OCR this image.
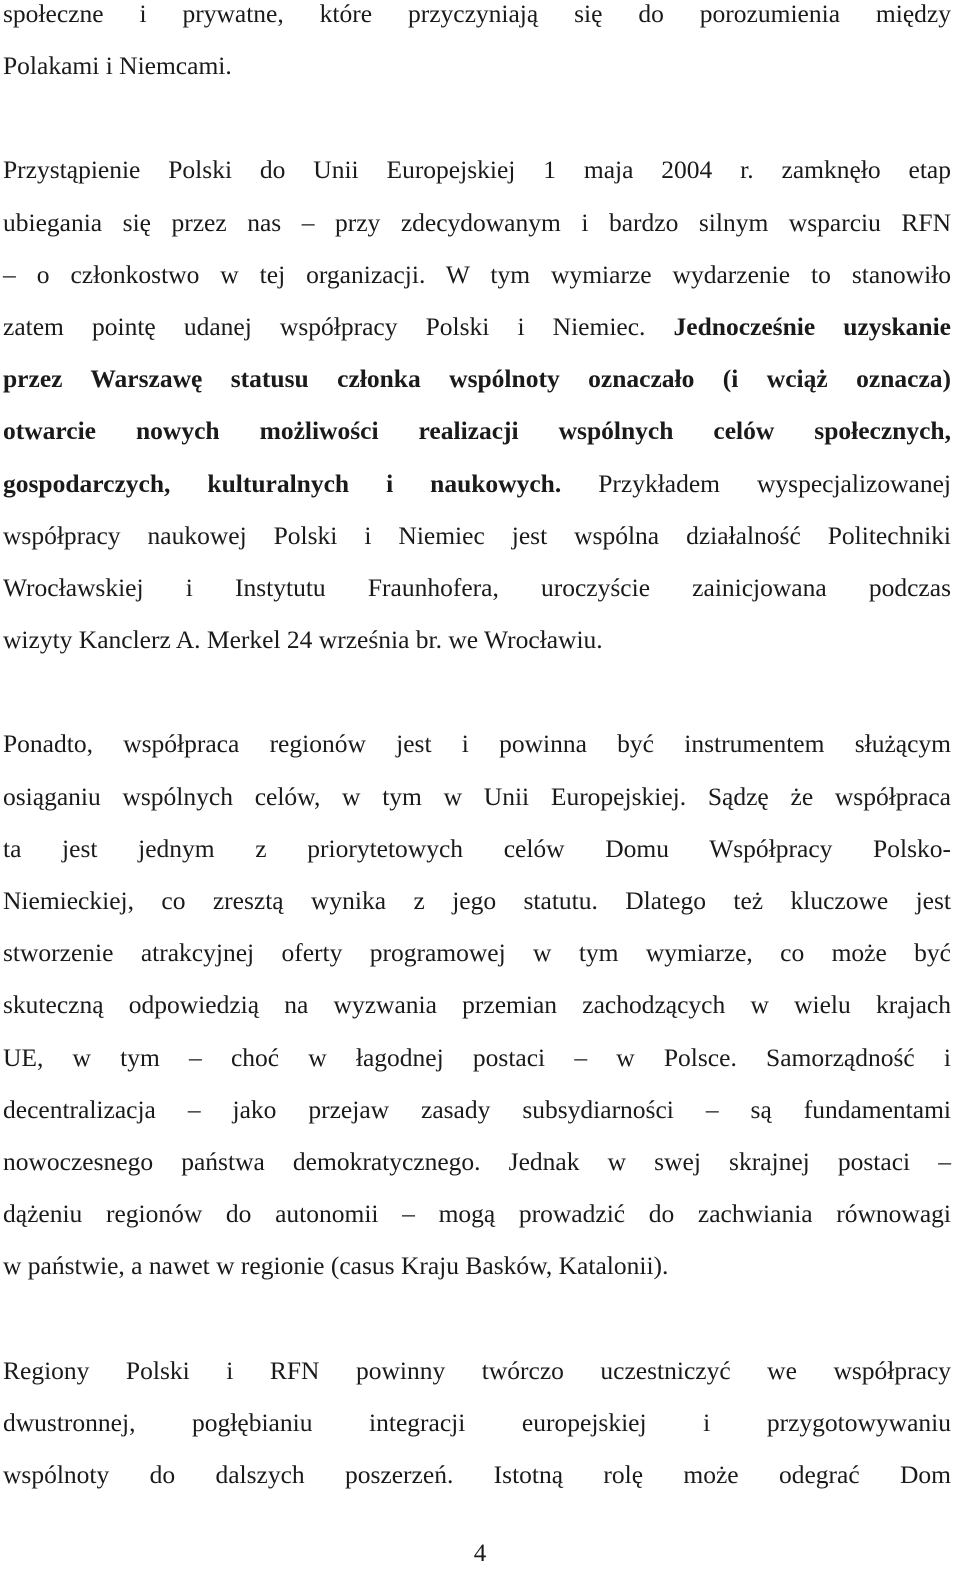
społeczne i prywatne, które przyczyniają się do porozumienia między
Polakami i Niemcami.

Przystąpienie Polski do Unii Europejskiej 1 maja 2004 r. zamknęło etap
ubiegania się przez nas – przy zdecydowanym i bardzo silnym wsparciu RFN
– o członkostwo w tej organizacji. W tym wymiarze wydarzenie to stanowiło
zatem pointę udanej współpracy Polski i Niemiec. Jednocześnie uzyskanie
przez Warszawę statusu członka wspólnoty oznaczało (i wciąż oznacza)
otwarcie nowych możliwości realizacji wspólnych celów społecznych,
gospodarczych, kulturalnych i naukowych. Przykładem wyspecjalizowanej
współpracy naukowej Polski i Niemiec jest wspólna działalność Politechniki
Wrocławskiej i Instytutu Fraunhofera, uroczyście zainicjowana podczas
wizyty Kanclerz A. Merkel 24 września br. we Wrocławiu.

Ponadto, współpraca regionów jest i powinna być instrumentem służącym
osiąganiu wspólnych celów, w tym w Unii Europejskiej. Sądzę że współpraca
ta jest jednym z priorytetowych celów Domu Współpracy Polsko-
Niemieckiej, co zresztą wynika z jego statutu. Dlatego też kluczowe jest
stworzenie atrakcyjnej oferty programowej w tym wymiarze, co może być
skuteczną odpowiedzią na wyzwania przemian zachodzących w wielu krajach
UE, w tym – choć w łagodnej postaci – w Polsce. Samorządność i
decentralizacja – jako przejaw zasady subsydiarności – są fundamentami
nowoczesnego państwa demokratycznego. Jednak w swej skrajnej postaci –
dążeniu regionów do autonomii – mogą prowadzić do zachwiania równowagi
w państwie, a nawet w regionie (casus Kraju Basków, Katalonii).

Regiony Polski i RFN powinny twórczo uczestniczyć we współpracy
dwustronnej, pogłębianiu integracji europejskiej i przygotowywaniu
wspólnoty do dalszych poszerzeń. Istotną rolę może odegrać Dom

4
